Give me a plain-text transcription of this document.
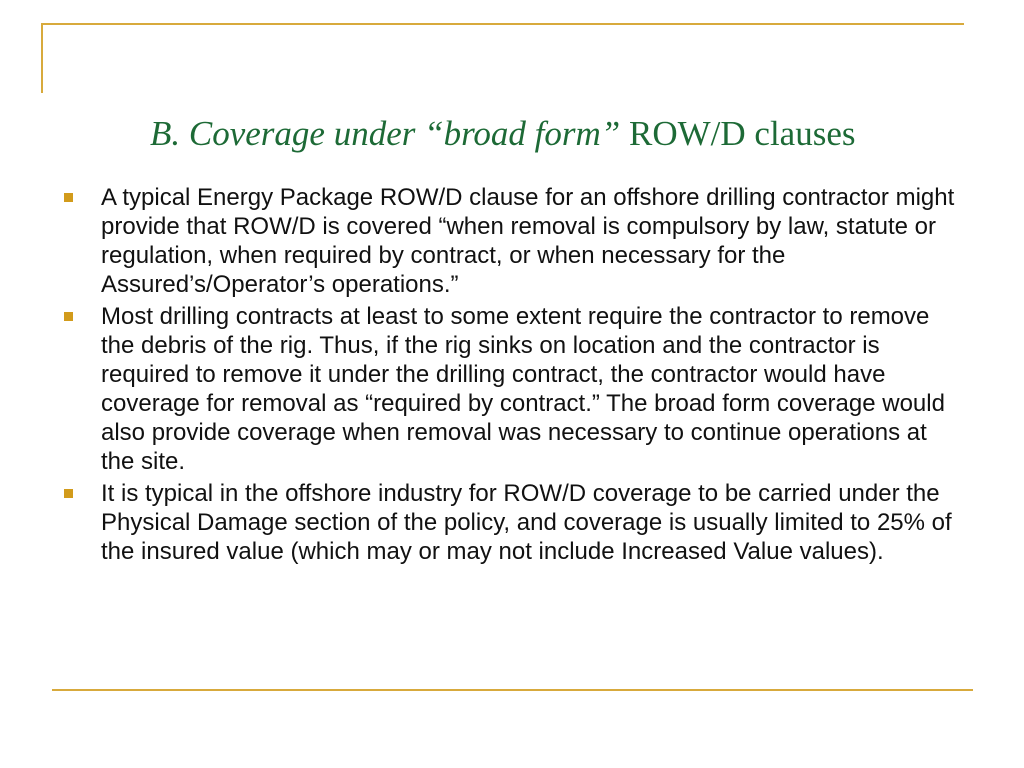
B. Coverage under “broad form” ROW/D clauses
A typical Energy Package ROW/D clause for an offshore drilling contractor might provide that ROW/D is covered “when removal is compulsory by law, statute or regulation, when required by contract, or when necessary for the Assured’s/Operator’s operations.”
Most drilling contracts at least to some extent require the contractor to remove the debris of the rig. Thus, if the rig sinks on location and the contractor is required to remove it under the drilling contract, the contractor would have coverage for removal as “required by contract.” The broad form coverage would also provide coverage when removal was necessary to continue operations at the site.
It is typical in the offshore industry for ROW/D coverage to be carried under the Physical Damage section of the policy, and coverage is usually limited to 25% of the insured value (which may or may not include Increased Value values).
